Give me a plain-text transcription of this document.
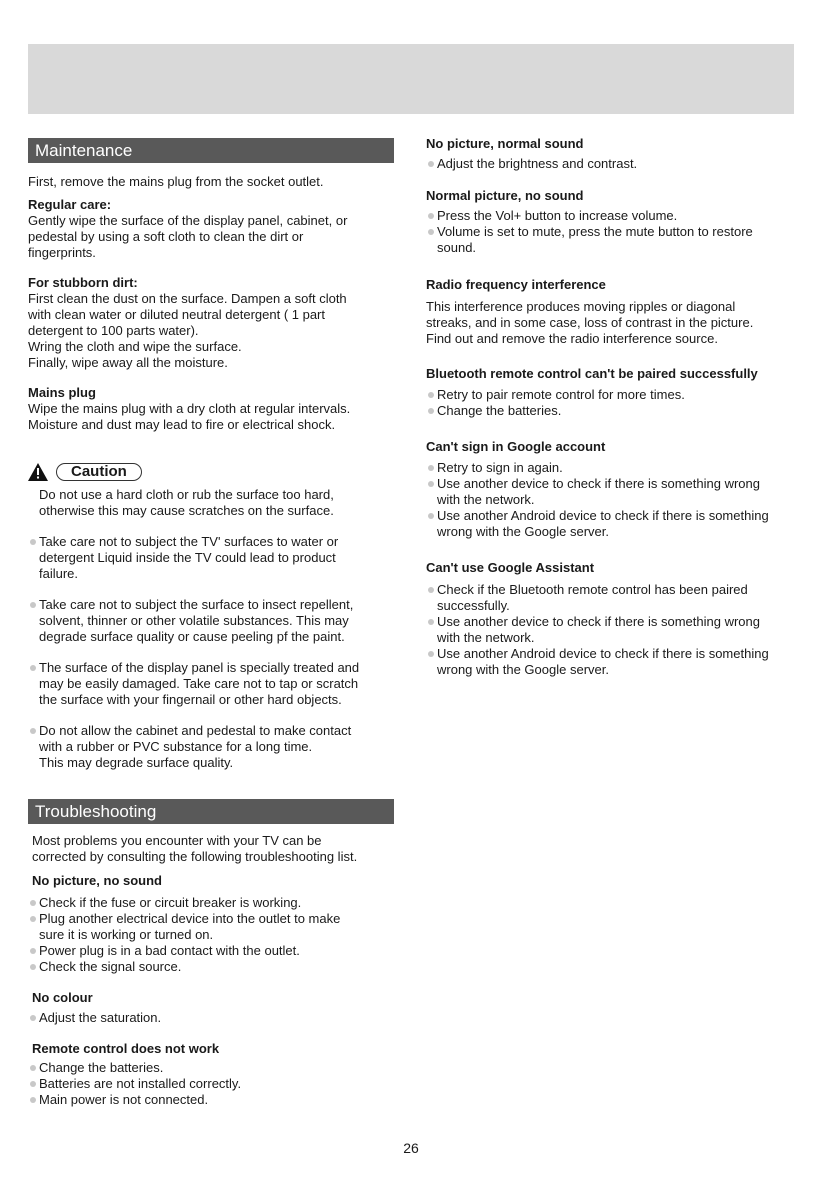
Maintenance

First, remove the mains plug from the socket outlet.

Regular care:

Gently wipe the surface of the display panel, cabinet, or

pedestal by using a soft cloth to clean the dirt or

fingerprints.

For stubborn dirt:

First clean the dust on the surface. Dampen a soft cloth

with clean water or diluted neutral detergent ( 1 part

detergent to 100 parts water).

Wring the cloth and wipe the surface.

Finally, wipe away all the moisture.

Mains plug

Wipe the mains plug with a dry cloth at regular intervals.

Moisture and dust may lead to fire or electrical shock.

Caution

Do not use a hard cloth or rub the surface too hard,

otherwise this may cause scratches on the surface.

Take care not to subject the TV' surfaces to water or
detergent Liquid inside the TV could lead to product
failure.
Take care not to subject the surface to insect repellent,
solvent, thinner or other volatile substances. This may
degrade surface quality or cause peeling pf the paint.
The surface of the display panel is specially treated and
may be easily damaged. Take care not to tap or scratch
the surface with your fingernail or other hard objects.
Do not allow the cabinet and pedestal to make contact
with a rubber or PVC substance for a long time.
This may degrade surface quality.
Troubleshooting

Most problems you encounter with your TV can be

corrected by consulting the following troubleshooting list.

No picture, no sound

Check if the fuse or circuit breaker is working.
Plug another electrical device into the outlet to make
sure it is working or turned on.
Power plug is in a bad contact with the outlet.
Check the signal source.

No colour

Adjust the saturation.

Remote control does not work

Change the batteries.
Batteries are not installed correctly.
Main power is not connected.

No picture, normal sound

Adjust the brightness and contrast.

Normal picture, no sound

Press the Vol+ button to increase volume.
Volume is set to mute, press the mute button to restore
sound.

Radio frequency interference

This interference produces moving ripples or diagonal

streaks, and in some case, loss of contrast in the picture.

Find out and remove the radio interference source.

Bluetooth remote control can't be paired successfully

Retry to pair remote control for more times.
Change the batteries.

Can't sign in Google account

Retry to sign in again.
Use another device to check if there is something wrong
with the network.
Use another Android device to check if there is something
wrong with the Google server.

Can't use Google Assistant

Check if the Bluetooth remote control has been paired
successfully.
Use another device to check if there is something wrong
with the network.
Use another Android device to check if there is something
wrong with the Google server.
26
